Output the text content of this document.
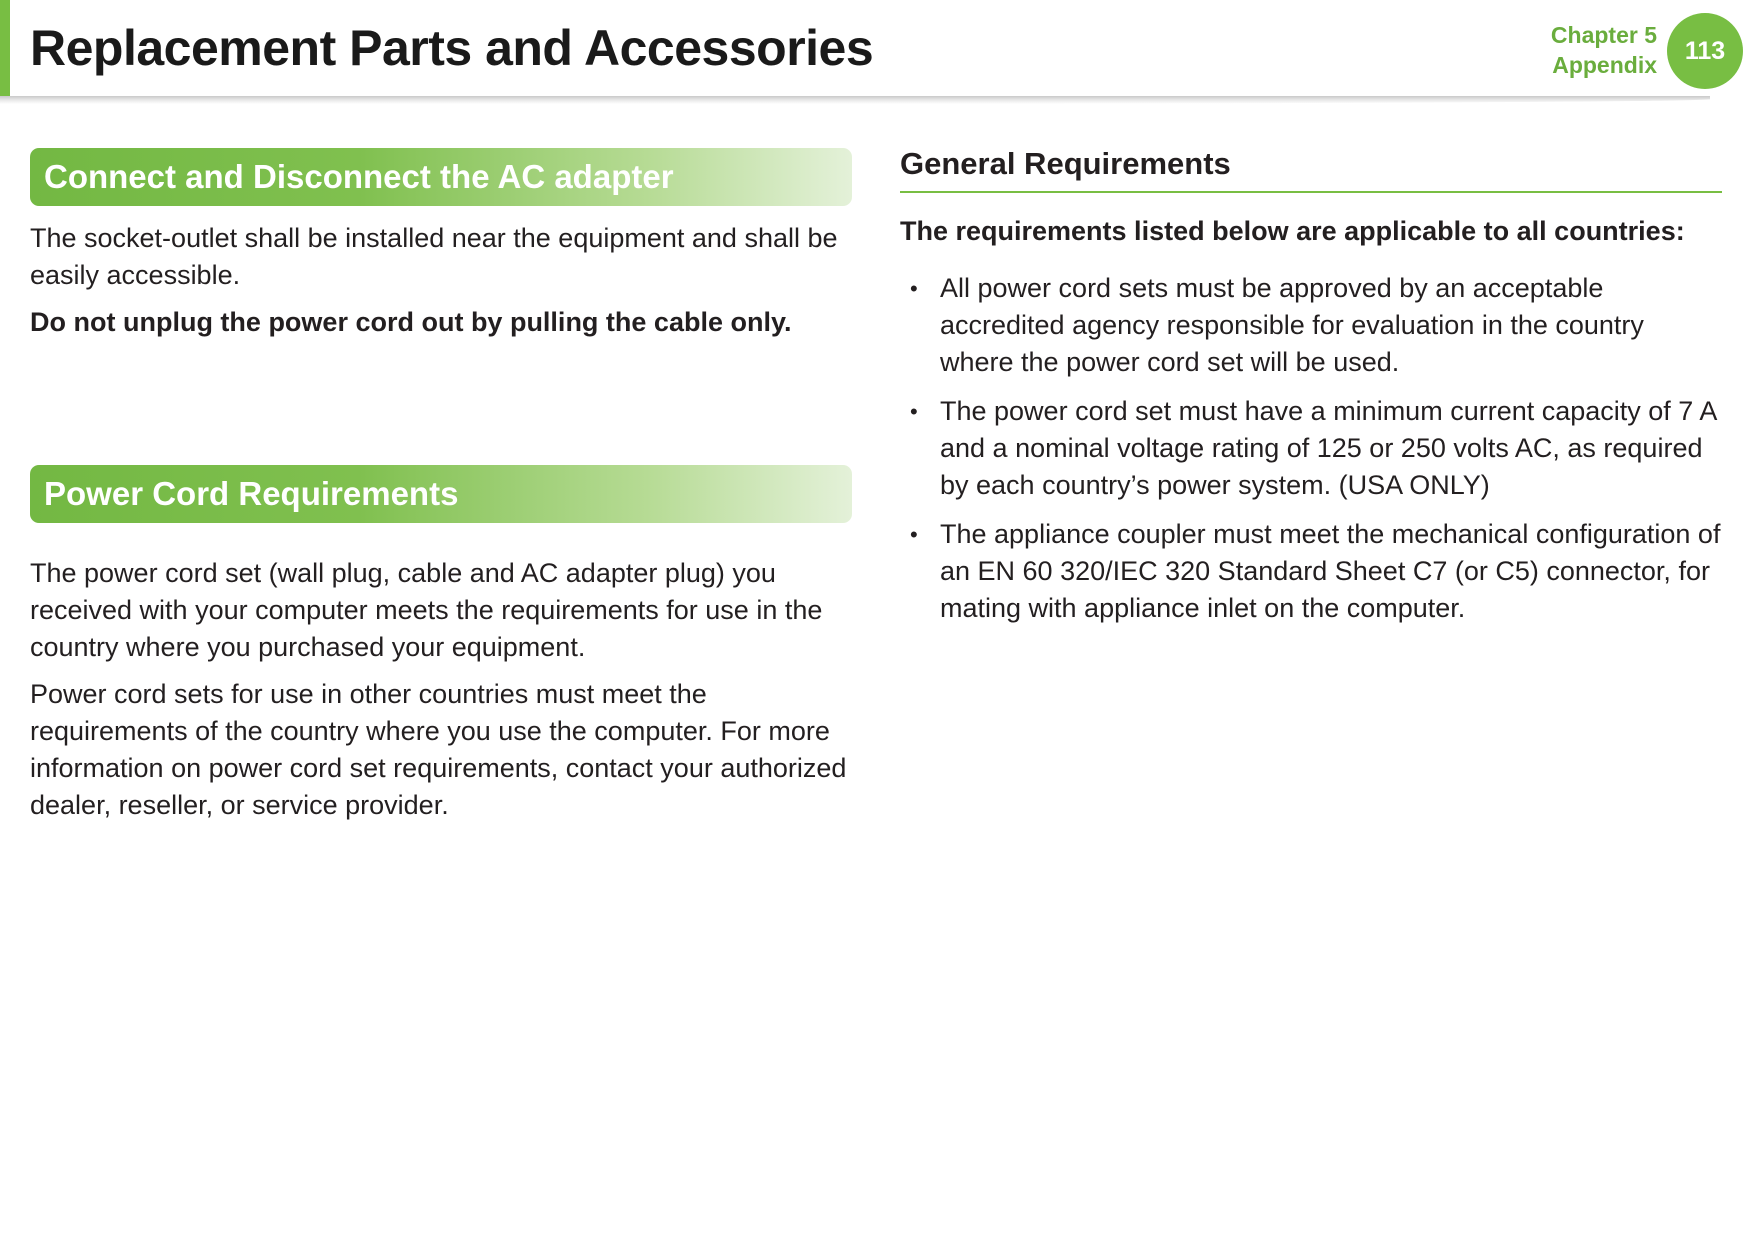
Replacement Parts and Accessories	Chapter 5
Appendix
113
Connect and Disconnect the AC adapter

The socket-outlet shall be installed near the equipment and shall be easily accessible.

Do not unplug the power cord out by pulling the cable only.

Power Cord Requirements

The power cord set (wall plug, cable and AC adapter plug) you received with your computer meets the requirements for use in the country where you purchased your equipment.

Power cord sets for use in other countries must meet the requirements of the country where you use the computer. For more information on power cord set requirements, contact your authorized dealer, reseller, or service provider.

General Requirements

The requirements listed below are applicable to all countries:

• All power cord sets must be approved by an acceptable accredited agency responsible for evaluation in the country where the power cord set will be used.
• The power cord set must have a minimum current capacity of 7 A and a nominal voltage rating of 125 or 250 volts AC, as required by each country’s power system. (USA ONLY)
• The appliance coupler must meet the mechanical configuration of an EN 60 320/IEC 320 Standard Sheet C7 (or C5) connector, for mating with appliance inlet on the computer.
